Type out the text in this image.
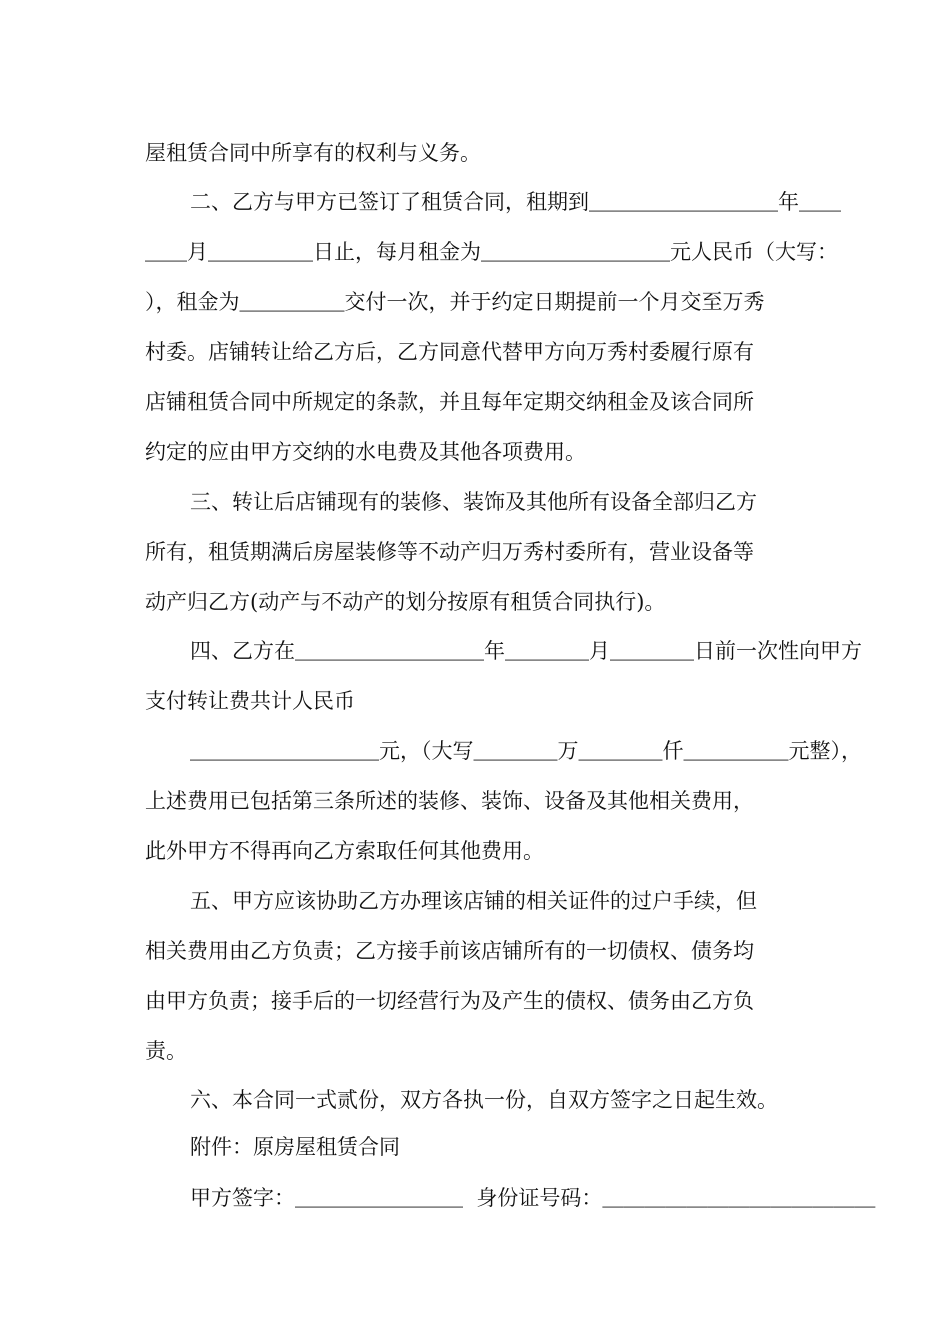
屋租赁合同中所享有的权利与义务。
二、乙方与甲方已签订了租赁合同，租期到＿＿＿＿＿＿＿＿＿年＿＿
＿＿月＿＿＿＿＿日止，每月租金为＿＿＿＿＿＿＿＿＿元人民币（大写：
），租金为＿＿＿＿＿交付一次，并于约定日期提前一个月交至万秀
村委。店铺转让给乙方后，乙方同意代替甲方向万秀村委履行原有
店铺租赁合同中所规定的条款，并且每年定期交纳租金及该合同所
约定的应由甲方交纳的水电费及其他各项费用。
三、转让后店铺现有的装修、装饰及其他所有设备全部归乙方
所有，租赁期满后房屋装修等不动产归万秀村委所有，营业设备等
动产归乙方(动产与不动产的划分按原有租赁合同执行)。
四、乙方在＿＿＿＿＿＿＿＿＿年＿＿＿＿月＿＿＿＿日前一次性向甲方
支付转让费共计人民币
＿＿＿＿＿＿＿＿＿元，（大写＿＿＿＿万＿＿＿＿仟＿＿＿＿＿元整），
上述费用已包括第三条所述的装修、装饰、设备及其他相关费用，
此外甲方不得再向乙方索取任何其他费用。
五、甲方应该协助乙方办理该店铺的相关证件的过户手续，但
相关费用由乙方负责；乙方接手前该店铺所有的一切债权、债务均
由甲方负责；接手后的一切经营行为及产生的债权、债务由乙方负
责。
六、本合同一式贰份，双方各执一份，自双方签字之日起生效。
附件：原房屋租赁合同
甲方签字：＿＿＿＿＿＿＿＿  身份证号码：＿＿＿＿＿＿＿＿＿＿＿＿＿
